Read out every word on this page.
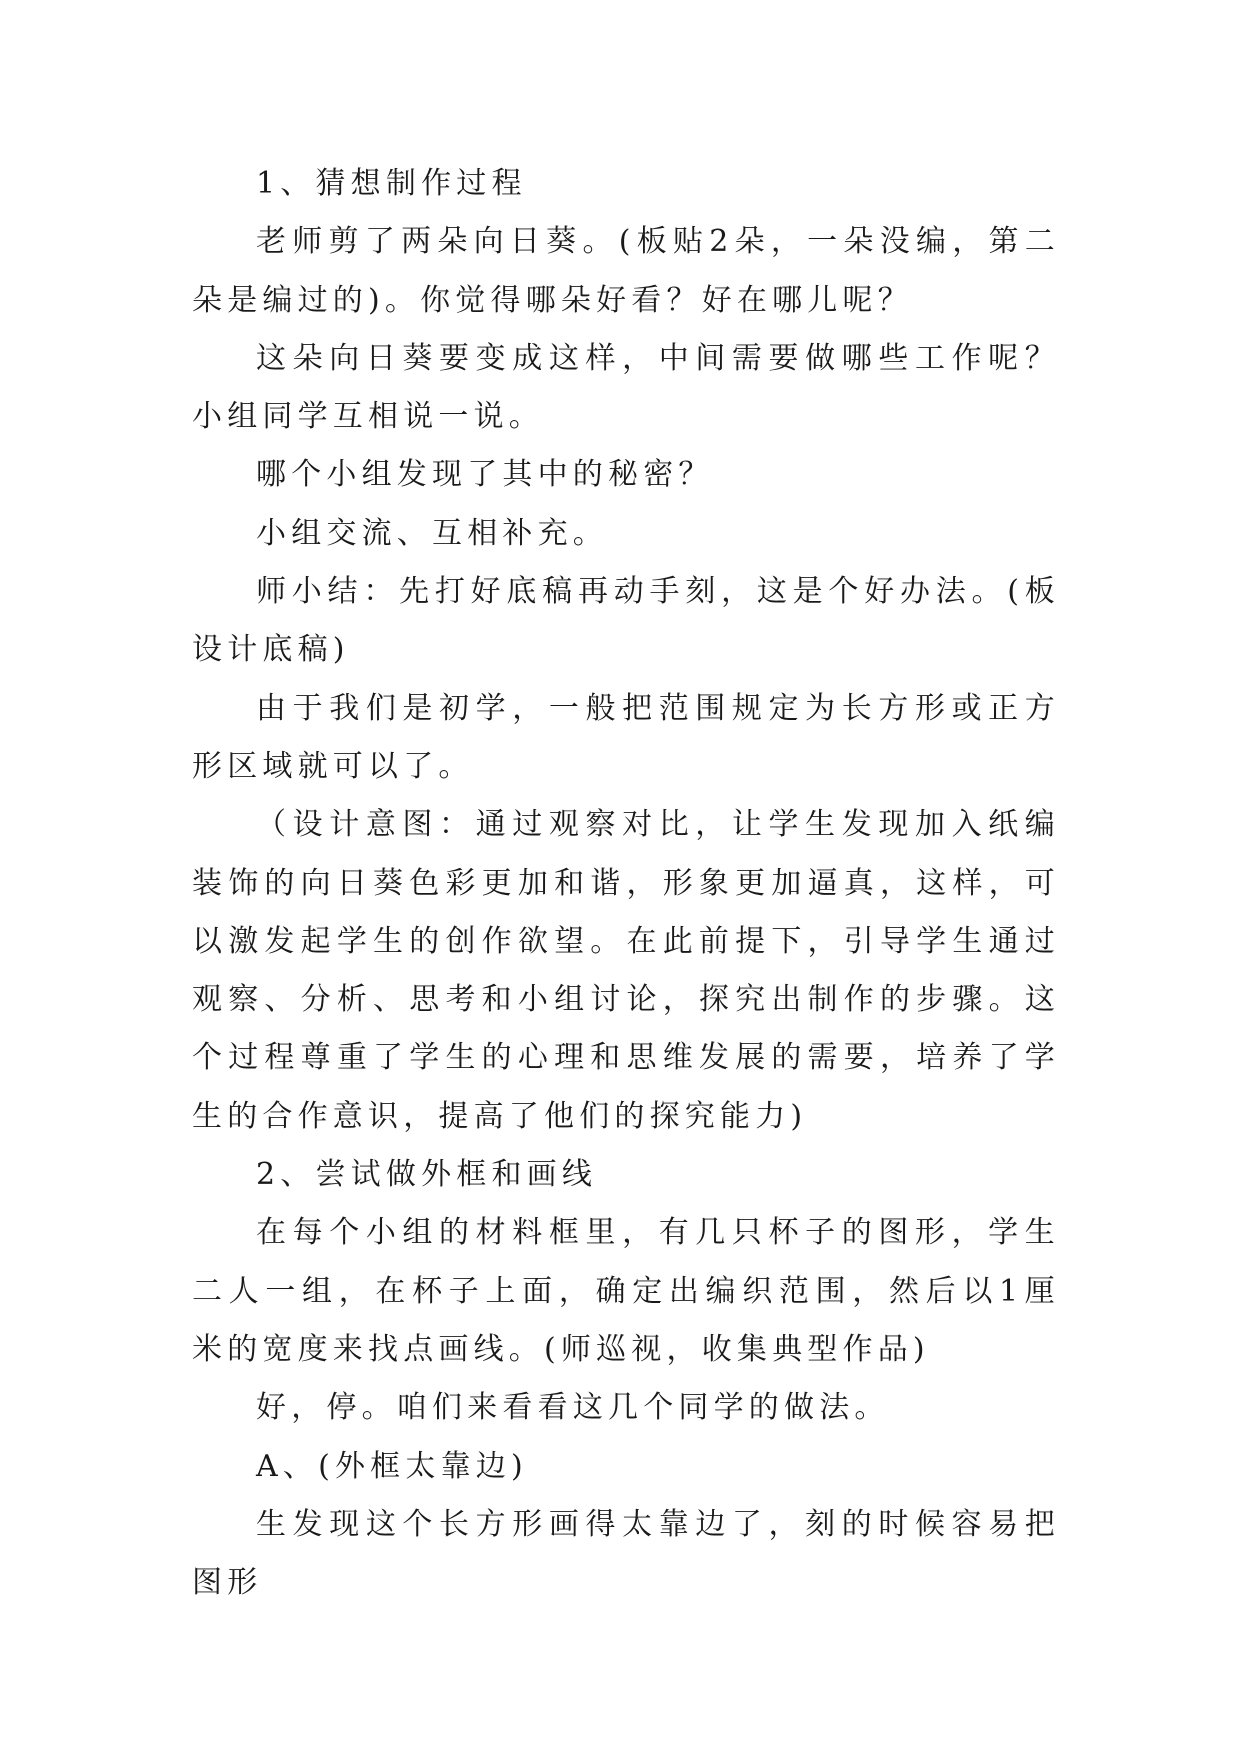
1、猜想制作过程

老师剪了两朵向日葵。(板贴2朵，一朵没编，第二朵是编过的)。你觉得哪朵好看？好在哪儿呢？

这朵向日葵要变成这样，中间需要做哪些工作呢？小组同学互相说一说。

哪个小组发现了其中的秘密？

小组交流、互相补充。

师小结：先打好底稿再动手刻，这是个好办法。(板设计底稿)

由于我们是初学，一般把范围规定为长方形或正方形区域就可以了。

（设计意图：通过观察对比，让学生发现加入纸编装饰的向日葵色彩更加和谐，形象更加逼真，这样，可以激发起学生的创作欲望。在此前提下，引导学生通过观察、分析、思考和小组讨论，探究出制作的步骤。这个过程尊重了学生的心理和思维发展的需要，培养了学生的合作意识，提高了他们的探究能力)

2、尝试做外框和画线

在每个小组的材料框里，有几只杯子的图形，学生二人一组，在杯子上面，确定出编织范围，然后以1厘米的宽度来找点画线。(师巡视，收集典型作品)

好，停。咱们来看看这几个同学的做法。

A、(外框太靠边)

生发现这个长方形画得太靠边了，刻的时候容易把图形
